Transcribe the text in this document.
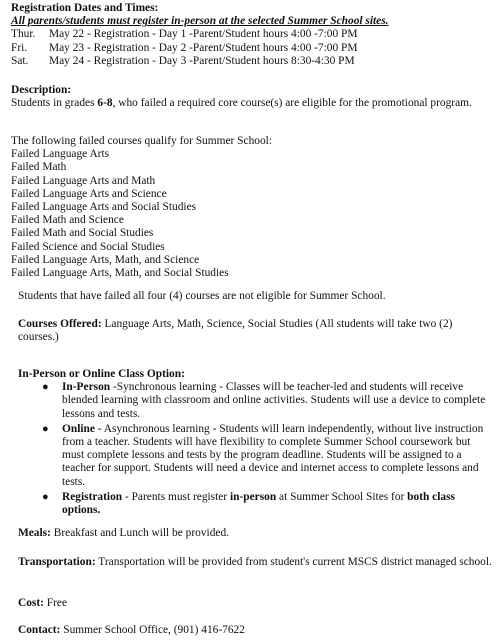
Registration Dates and Times:
All parents/students must register in-person at the selected Summer School sites.
Thur.	May 22 - Registration - Day 1 -Parent/Student hours 4:00 -7:00 PM
Fri.	May 23 - Registration - Day 2 -Parent/Student hours 4:00 -7:00 PM
Sat.	May 24 - Registration - Day 3 -Parent/Student hours 8:30-4:30 PM
Description:
Students in grades 6-8, who failed a required core course(s) are eligible for the promotional program.
The following failed courses qualify for Summer School:
Failed Language Arts
Failed Math
Failed Language Arts and Math
Failed Language Arts and Science
Failed Language Arts and Social Studies
Failed Math and Science
Failed Math and Social Studies
Failed Science and Social Studies
Failed Language Arts, Math, and Science
Failed Language Arts, Math, and Social Studies
Students that have failed all four (4) courses are not eligible for Summer School.
Courses Offered: Language Arts, Math, Science, Social Studies (All students will take two (2) courses.)
In-Person or Online Class Option:
● In-Person -Synchronous learning - Classes will be teacher-led and students will receive blended learning with classroom and online activities. Students will use a device to complete lessons and tests.
● Online - Asynchronous learning - Students will learn independently, without live instruction from a teacher. Students will have flexibility to complete Summer School coursework but must complete lessons and tests by the program deadline. Students will be assigned to a teacher for support. Students will need a device and internet access to complete lessons and tests.
● Registration - Parents must register in-person at Summer School Sites for both class options.
Meals: Breakfast and Lunch will be provided.
Transportation: Transportation will be provided from student's current MSCS district managed school.
Cost: Free
Contact: Summer School Office, (901) 416-7622
